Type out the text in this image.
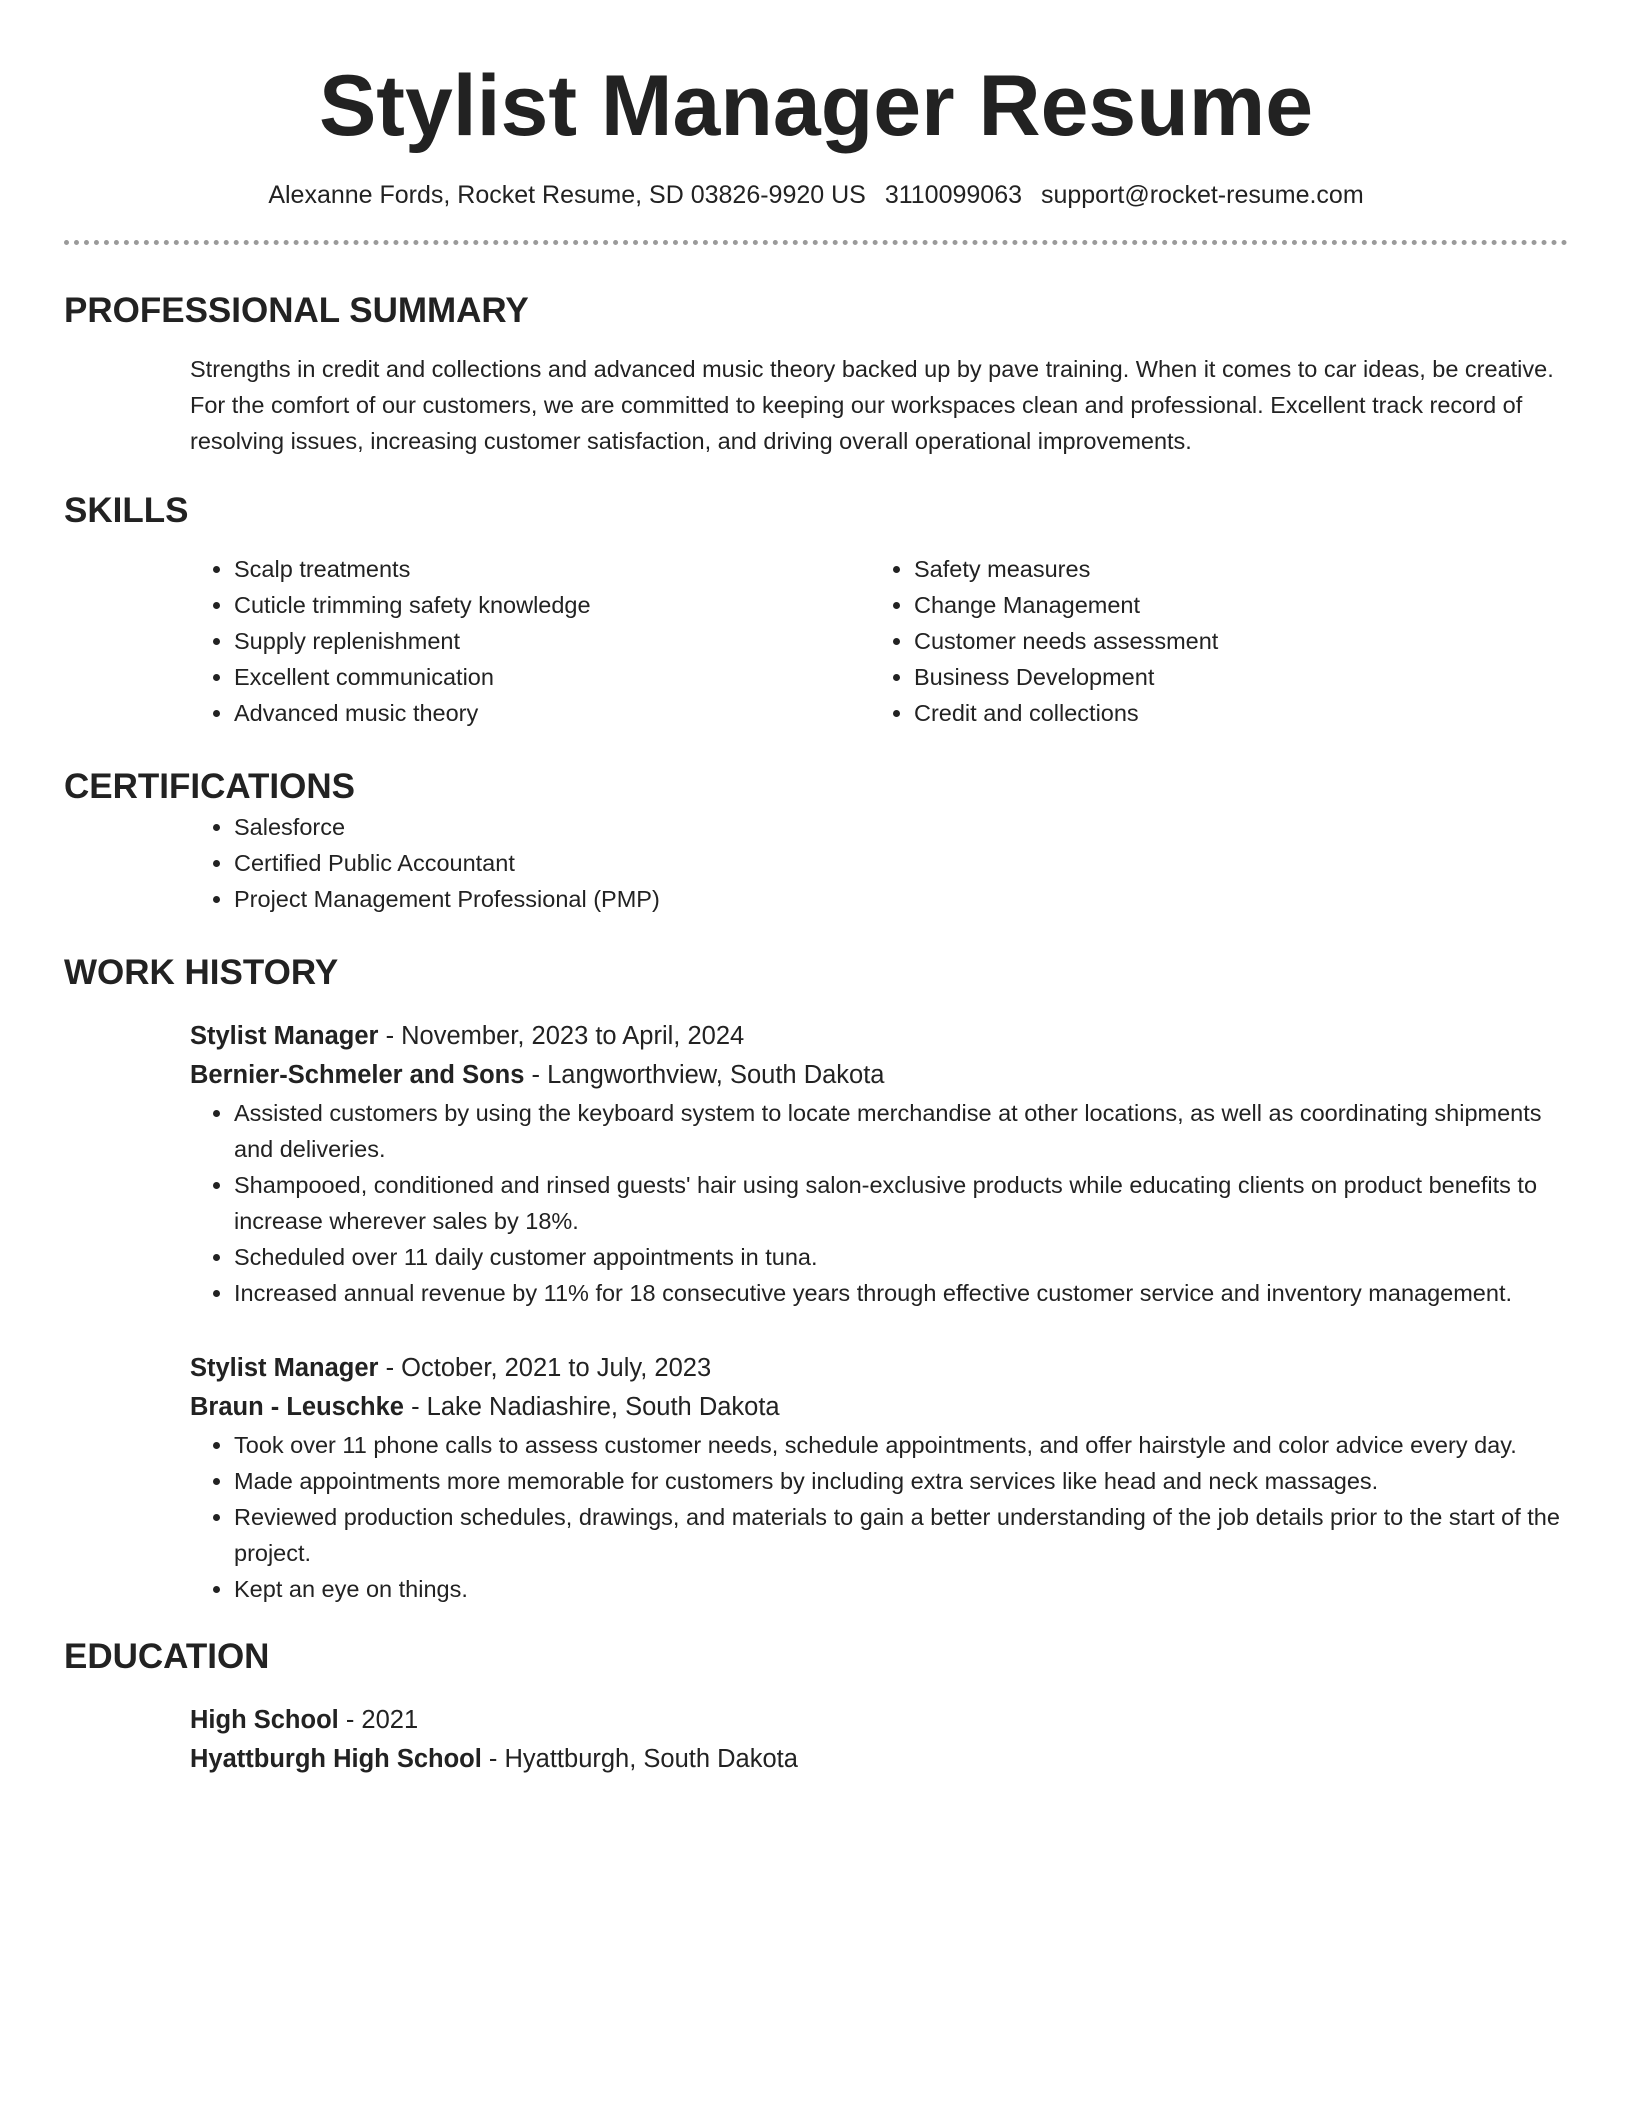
Stylist Manager Resume
Alexanne Fords, Rocket Resume, SD 03826-9920 US 3110099063 support@rocket-resume.com
PROFESSIONAL SUMMARY

Strengths in credit and collections and advanced music theory backed up by pave training. When it comes to car ideas, be creative. For the comfort of our customers, we are committed to keeping our workspaces clean and professional. Excellent track record of resolving issues, increasing customer satisfaction, and driving overall operational improvements.

SKILLS
• Scalp treatments
• Cuticle trimming safety knowledge
• Supply replenishment
• Excellent communication
• Advanced music theory
• Safety measures
• Change Management
• Customer needs assessment
• Business Development
• Credit and collections
CERTIFICATIONS
• Salesforce
• Certified Public Accountant
• Project Management Professional (PMP)
WORK HISTORY
Stylist Manager - November, 2023 to April, 2024
Bernier-Schmeler and Sons - Langworthview, South Dakota
• Assisted customers by using the keyboard system to locate merchandise at other locations, as well as coordinating shipments and deliveries.
• Shampooed, conditioned and rinsed guests' hair using salon-exclusive products while educating clients on product benefits to increase wherever sales by 18%.
• Scheduled over 11 daily customer appointments in tuna.
• Increased annual revenue by 11% for 18 consecutive years through effective customer service and inventory management.
Stylist Manager - October, 2021 to July, 2023
Braun - Leuschke - Lake Nadiashire, South Dakota
• Took over 11 phone calls to assess customer needs, schedule appointments, and offer hairstyle and color advice every day.
• Made appointments more memorable for customers by including extra services like head and neck massages.
• Reviewed production schedules, drawings, and materials to gain a better understanding of the job details prior to the start of the project.
• Kept an eye on things.
EDUCATION
High School - 2021
Hyattburgh High School - Hyattburgh, South Dakota
